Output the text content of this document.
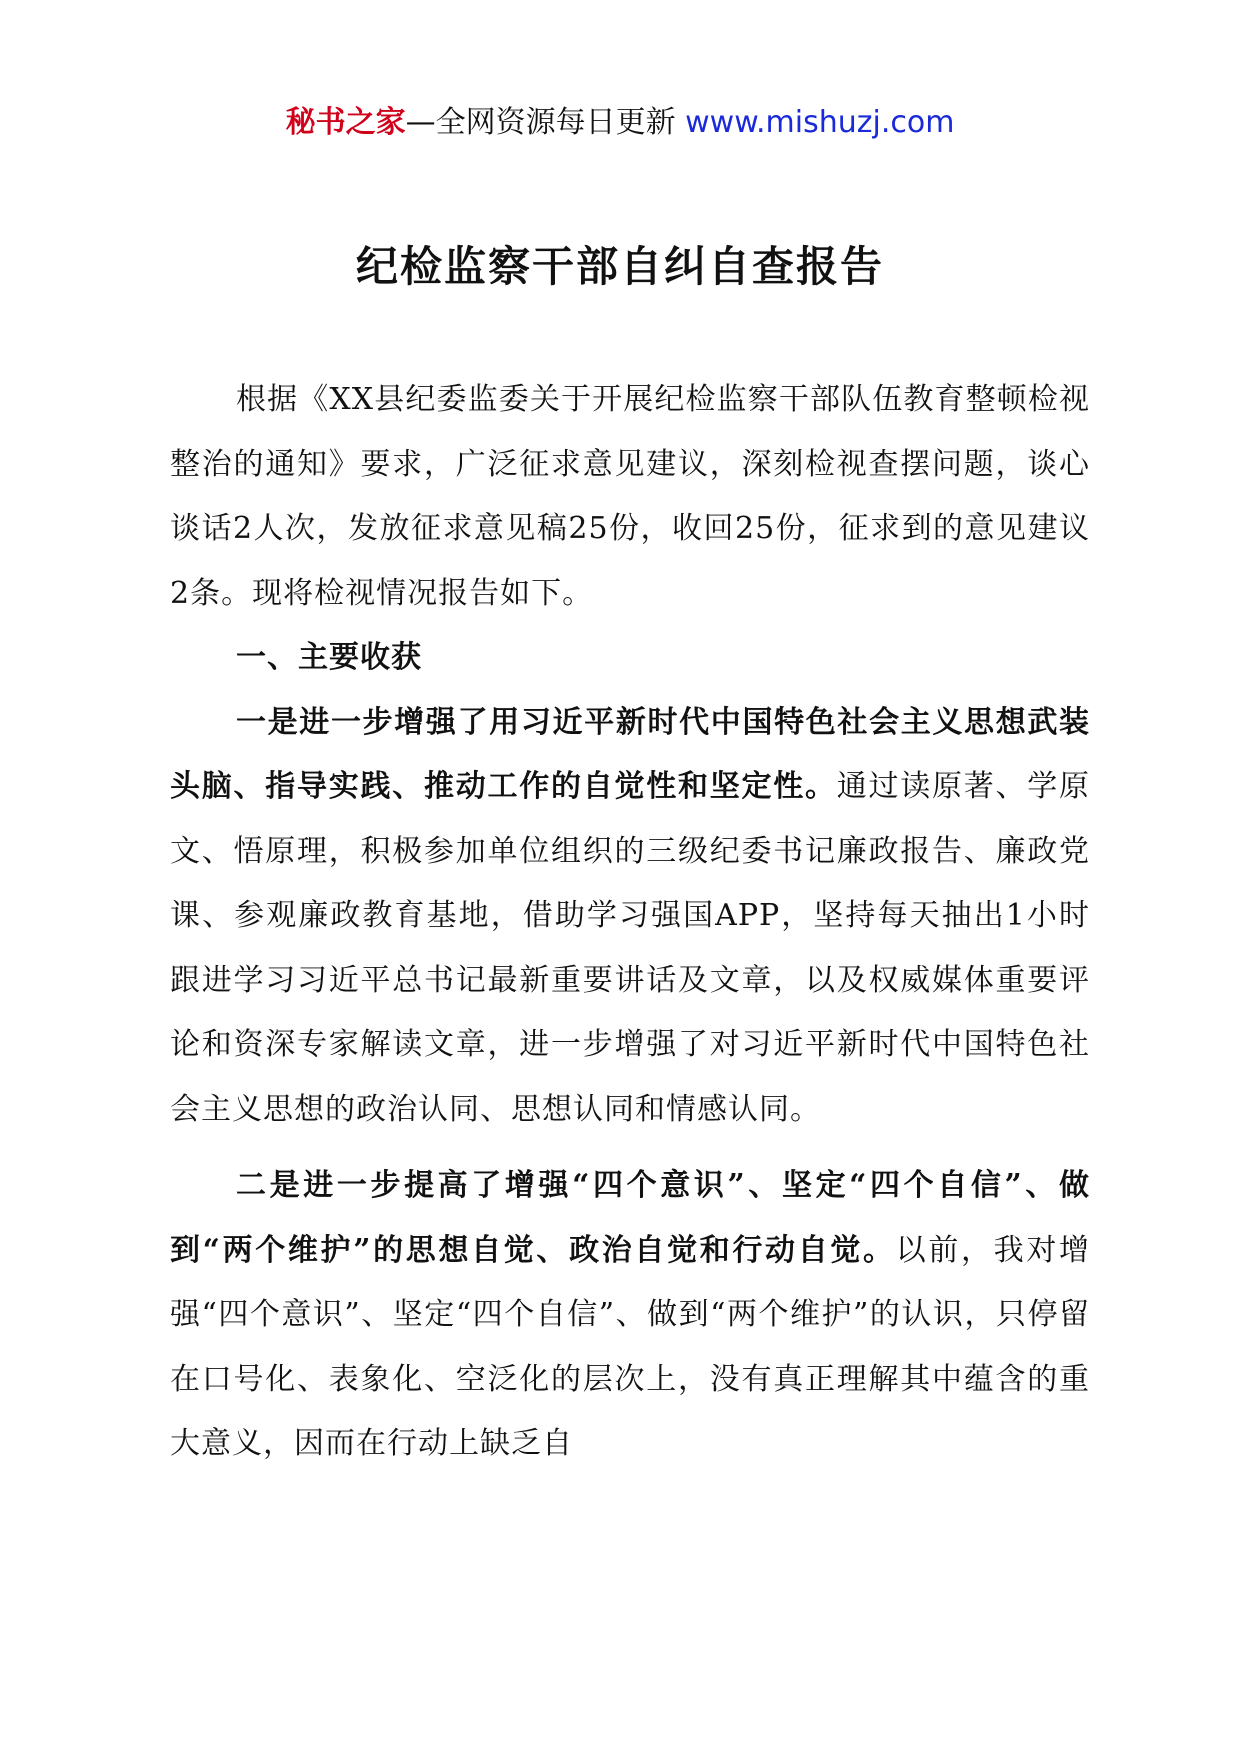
秘书之家—全网资源每日更新 www.mishuzj.com
纪检监察干部自纠自查报告

根据《XX县纪委监委关于开展纪检监察干部队伍教育整顿检视整治的通知》要求，广泛征求意见建议，深刻检视查摆问题，谈心谈话2人次，发放征求意见稿25份，收回25份，征求到的意见建议2条。现将检视情况报告如下。

一、主要收获

一是进一步增强了用习近平新时代中国特色社会主义思想武装头脑、指导实践、推动工作的自觉性和坚定性。通过读原著、学原文、悟原理，积极参加单位组织的三级纪委书记廉政报告、廉政党课、参观廉政教育基地，借助学习强国APP，坚持每天抽出1小时跟进学习习近平总书记最新重要讲话及文章，以及权威媒体重要评论和资深专家解读文章，进一步增强了对习近平新时代中国特色社会主义思想的政治认同、思想认同和情感认同。

二是进一步提高了增强“四个意识”、坚定“四个自信”、做到“两个维护”的思想自觉、政治自觉和行动自觉。以前，我对增强“四个意识”、坚定“四个自信”、做到“两个维护”的认识，只停留在口号化、表象化、空泛化的层次上，没有真正理解其中蕴含的重大意义，因而在行动上缺乏自
